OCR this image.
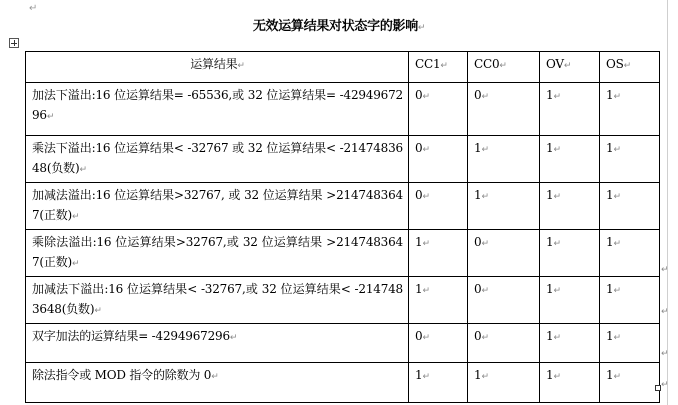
↵
无效运算结果对状态字的影响↵
运算结果↵	CC1↵	CC0↵	OV↵	OS↵
加法下溢出:16 位运算结果= -65536,或 32 位运算结果= -4294967296↵	0↵	0↵	1↵	1↵
乘法下溢出:16 位运算结果< -32767 或 32 位运算结果< -2147483648(负数)↵	0↵	1↵	1↵	1↵
加减法溢出:16 位运算结果>32767, 或 32 位运算结果 >2147483647(正数)↵	0↵	1↵	1↵	1↵
乘除法溢出:16 位运算结果>32767,或 32 位运算结果 >2147483647(正数)↵	1↵	0↵	1↵	1↵
加减法下溢出:16 位运算结果< -32767,或 32 位运算结果< -2147483648(负数)↵	1↵	0↵	1↵	1↵
双字加法的运算结果= -4294967296↵	0↵	0↵	1↵	1↵
除法指令或 MOD 指令的除数为 0↵	1↵	1↵	1↵	1↵
↵
↵
↵
↵
